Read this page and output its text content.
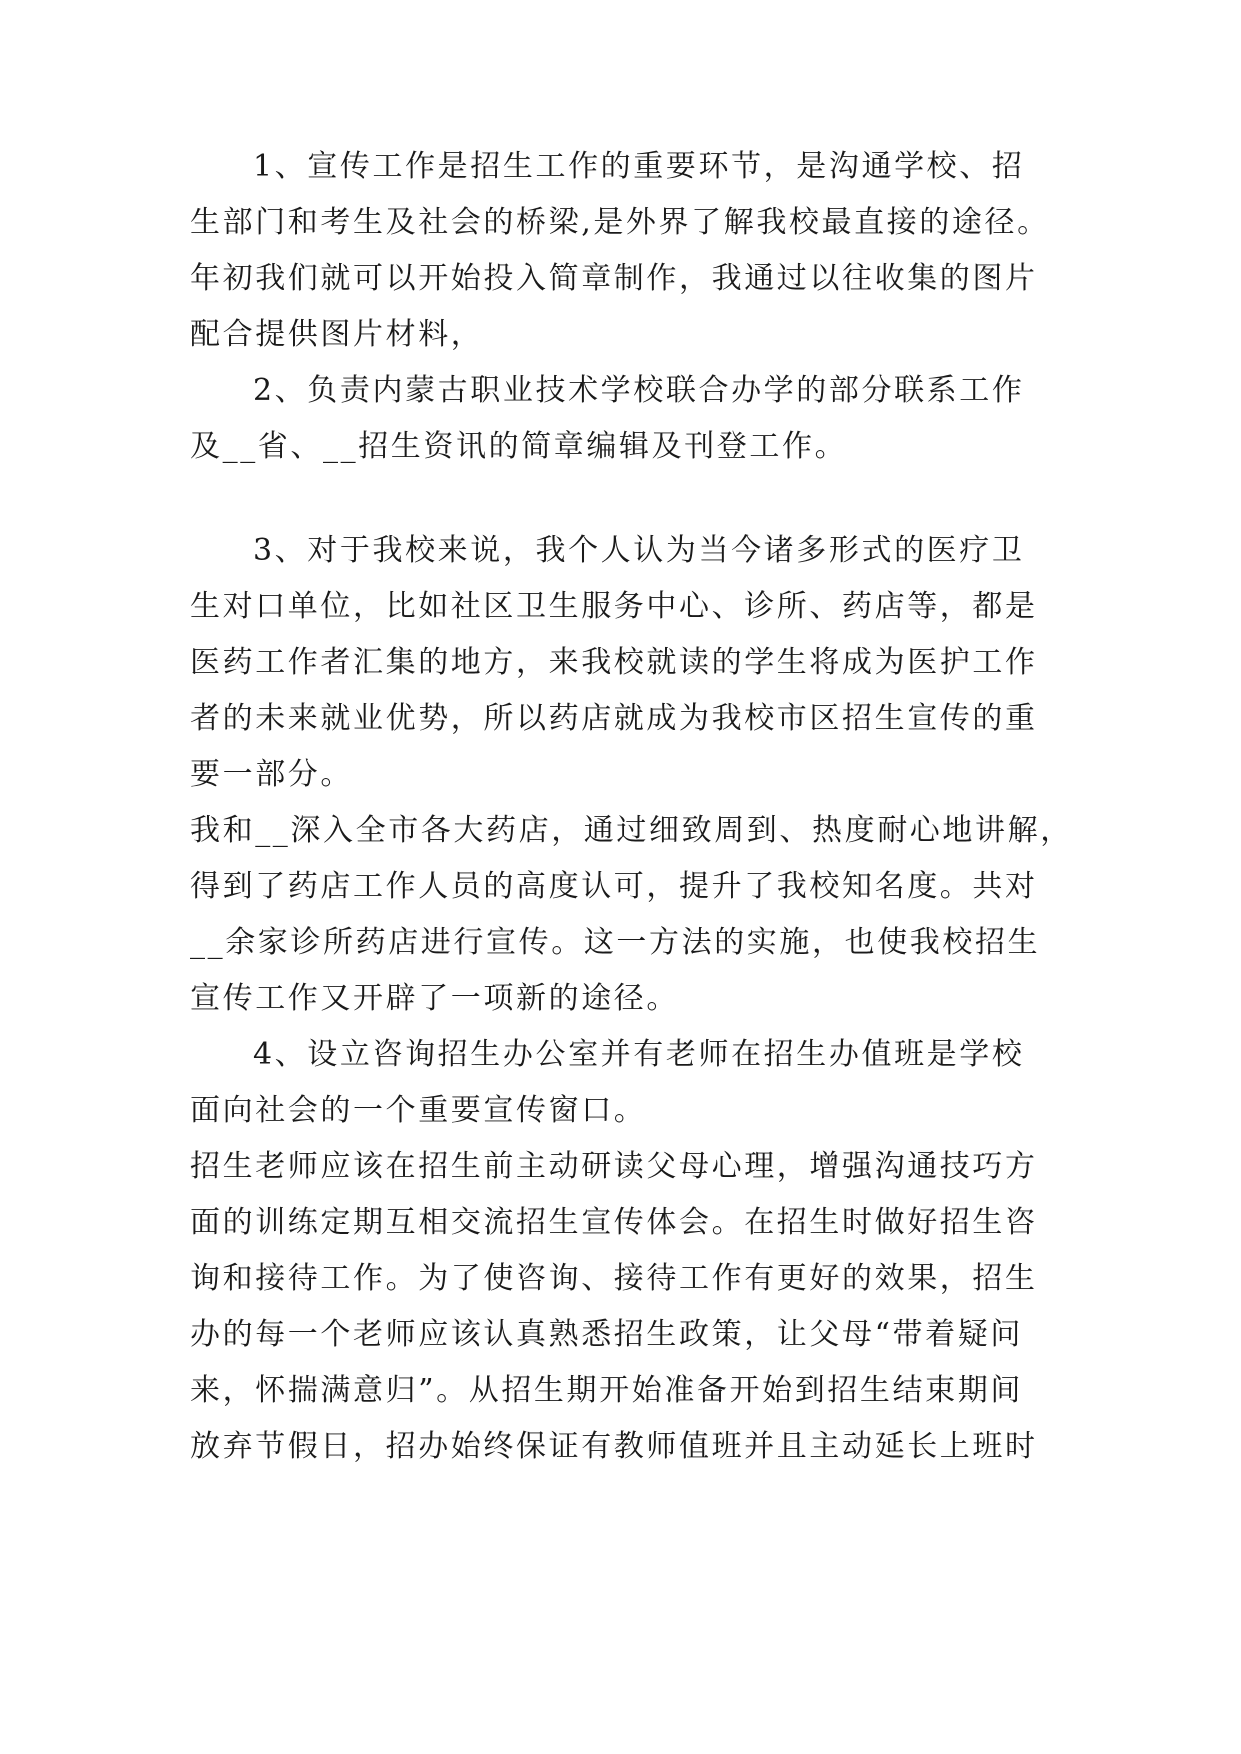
1、宣传工作是招生工作的重要环节，是沟通学校、招
生部门和考生及社会的桥梁,是外界了解我校最直接的途径。
年初我们就可以开始投入简章制作，我通过以往收集的图片
配合提供图片材料，
2、负责内蒙古职业技术学校联合办学的部分联系工作
及__省、__招生资讯的简章编辑及刊登工作。
3、对于我校来说，我个人认为当今诸多形式的医疗卫
生对口单位，比如社区卫生服务中心、诊所、药店等，都是
医药工作者汇集的地方，来我校就读的学生将成为医护工作
者的未来就业优势，所以药店就成为我校市区招生宣传的重
要一部分。
我和__深入全市各大药店，通过细致周到、热度耐心地讲解，
得到了药店工作人员的高度认可，提升了我校知名度。共对
__余家诊所药店进行宣传。这一方法的实施，也使我校招生
宣传工作又开辟了一项新的途径。
4、设立咨询招生办公室并有老师在招生办值班是学校
面向社会的一个重要宣传窗口。
招生老师应该在招生前主动研读父母心理，增强沟通技巧方
面的训练定期互相交流招生宣传体会。在招生时做好招生咨
询和接待工作。为了使咨询、接待工作有更好的效果，招生
办的每一个老师应该认真熟悉招生政策，让父母“带着疑问
来，怀揣满意归”。从招生期开始准备开始到招生结束期间
放弃节假日，招办始终保证有教师值班并且主动延长上班时
